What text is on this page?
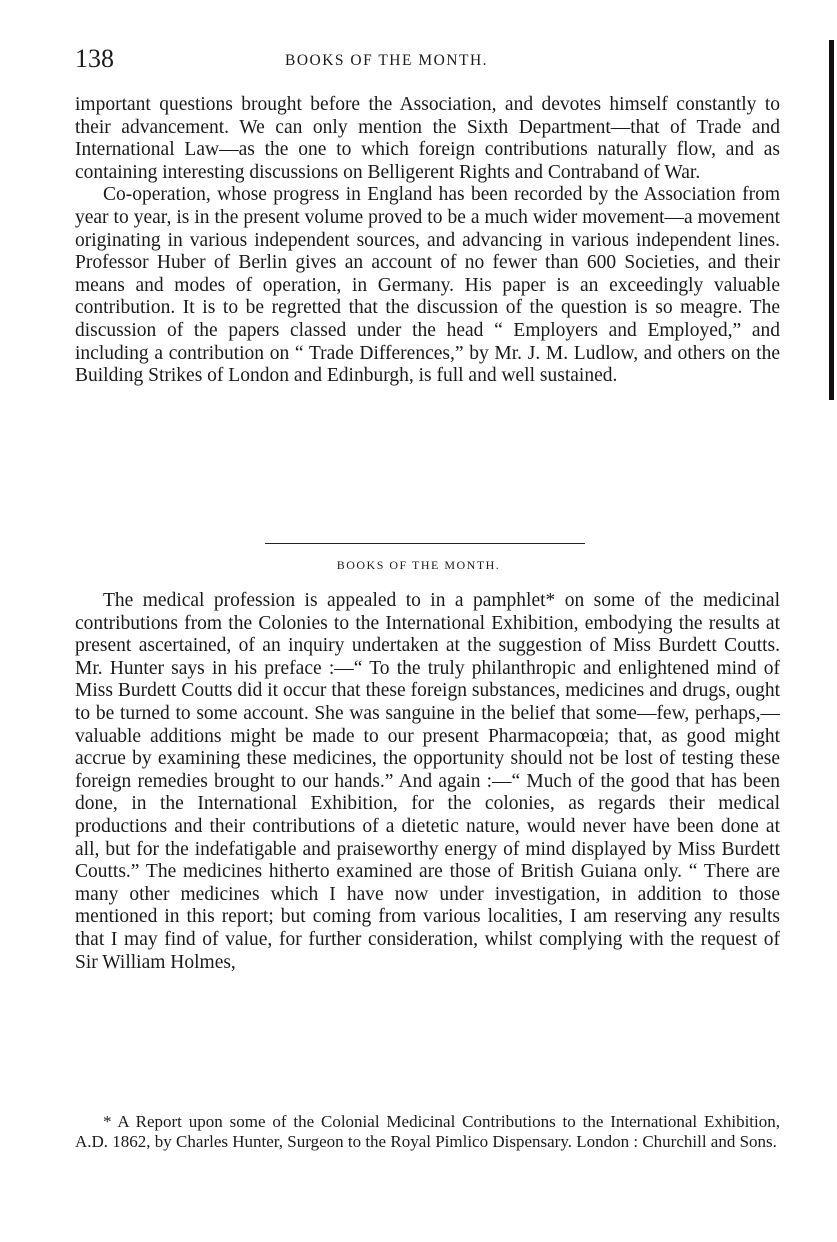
138	BOOKS OF THE MONTH.

important questions brought before the Association, and devotes himself constantly to their advancement. We can only mention the Sixth Department—that of Trade and International Law—as the one to which foreign contributions naturally flow, and as containing interesting discussions on Belligerent Rights and Contraband of War.

Co-operation, whose progress in England has been recorded by the Association from year to year, is in the present volume proved to be a much wider movement—a movement originating in various independent sources, and advancing in various independent lines. Professor Huber of Berlin gives an account of no fewer than 600 Societies, and their means and modes of operation, in Germany. His paper is an exceedingly valuable contribution. It is to be regretted that the discussion of the question is so meagre. The discussion of the papers classed under the head “ Employers and Employed,” and including a contribution on “ Trade Differences,” by Mr. J. M. Ludlow, and others on the Building Strikes of London and Edinburgh, is full and well sustained.

BOOKS OF THE MONTH.

The medical profession is appealed to in a pamphlet* on some of the medicinal contributions from the Colonies to the International Exhibition, embodying the results at present ascertained, of an inquiry undertaken at the suggestion of Miss Burdett Coutts. Mr. Hunter says in his preface :—“ To the truly philanthropic and enlightened mind of Miss Burdett Coutts did it occur that these foreign substances, medicines and drugs, ought to be turned to some account. She was sanguine in the belief that some—few, perhaps,—valuable additions might be made to our present Pharmacopœia; that, as good might accrue by examining these medicines, the opportunity should not be lost of testing these foreign remedies brought to our hands.” And again :—“ Much of the good that has been done, in the International Exhibition, for the colonies, as regards their medical productions and their contributions of a dietetic nature, would never have been done at all, but for the indefatigable and praiseworthy energy of mind displayed by Miss Burdett Coutts.” The medicines hitherto examined are those of British Guiana only. “ There are many other medicines which I have now under investigation, in addition to those mentioned in this report; but coming from various localities, I am reserving any results that I may find of value, for further consideration, whilst complying with the request of Sir William Holmes,

* A Report upon some of the Colonial Medicinal Contributions to the International Exhibition, A.D. 1862, by Charles Hunter, Surgeon to the Royal Pimlico Dispensary. London : Churchill and Sons.
